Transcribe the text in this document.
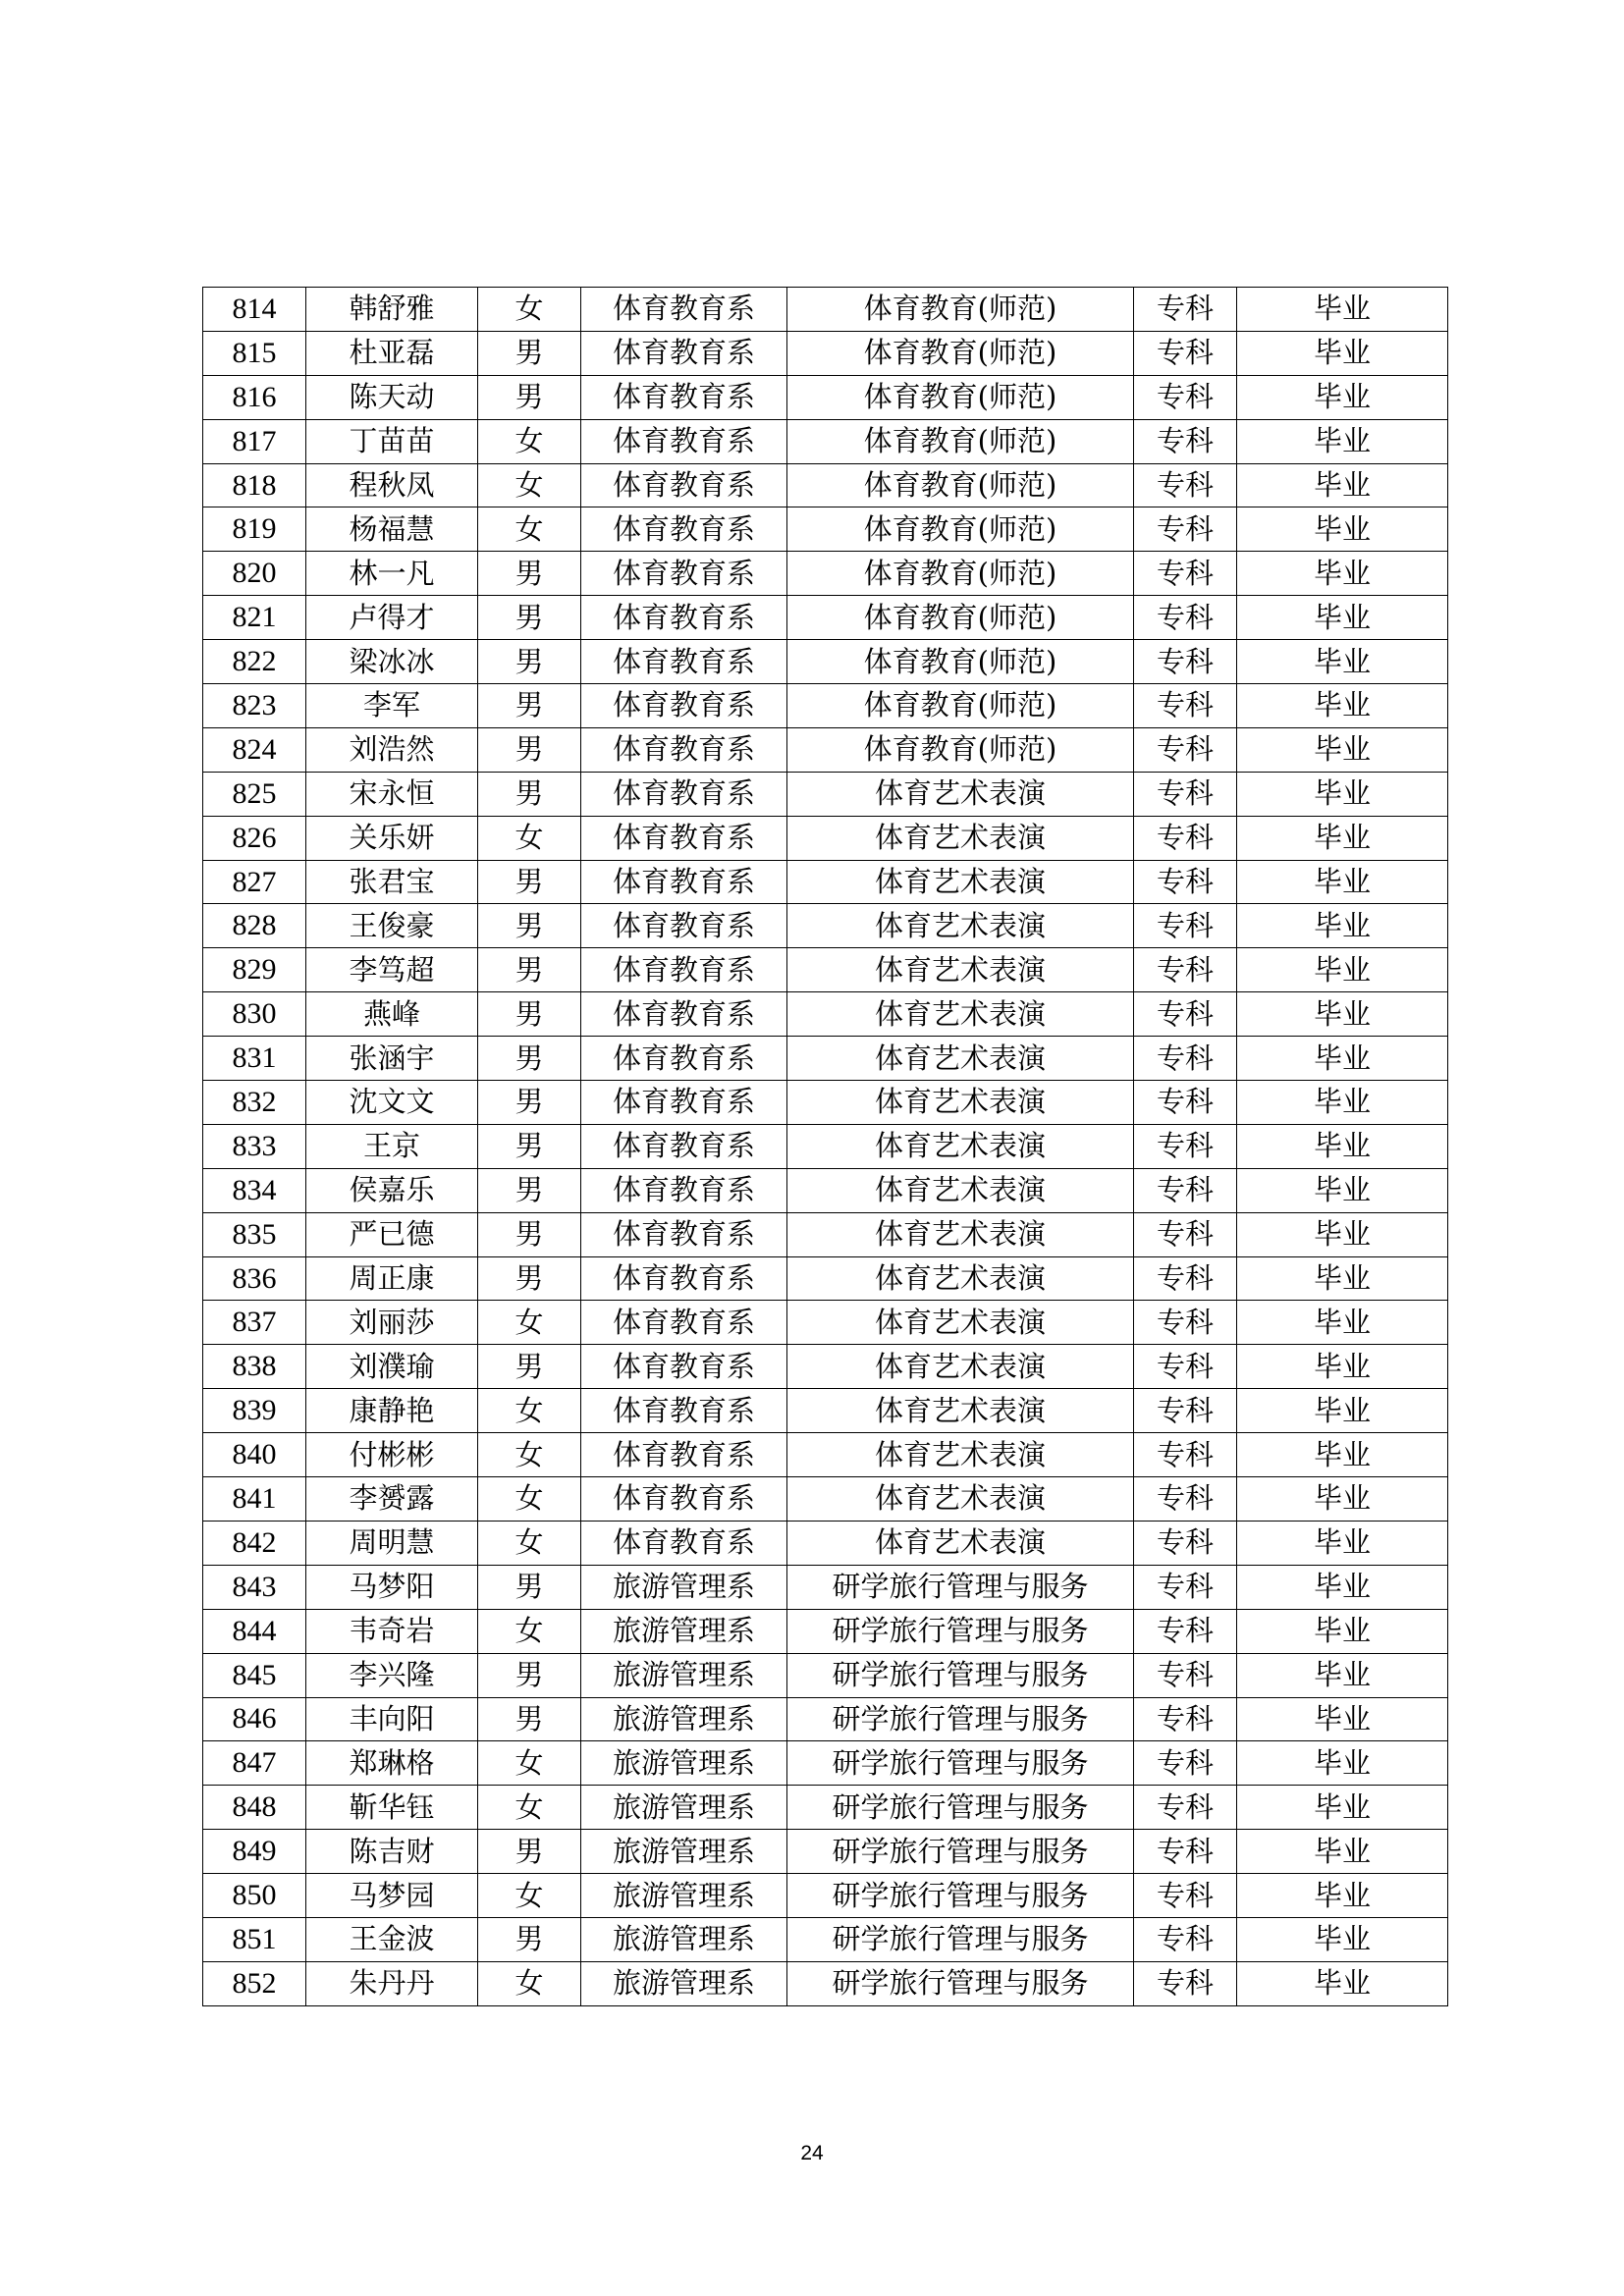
814	韩舒雅	女	体育教育系	体育教育(师范)	专科	毕业
815	杜亚磊	男	体育教育系	体育教育(师范)	专科	毕业
816	陈天动	男	体育教育系	体育教育(师范)	专科	毕业
817	丁苗苗	女	体育教育系	体育教育(师范)	专科	毕业
818	程秋凤	女	体育教育系	体育教育(师范)	专科	毕业
819	杨福慧	女	体育教育系	体育教育(师范)	专科	毕业
820	林一凡	男	体育教育系	体育教育(师范)	专科	毕业
821	卢得才	男	体育教育系	体育教育(师范)	专科	毕业
822	梁冰冰	男	体育教育系	体育教育(师范)	专科	毕业
823	李军	男	体育教育系	体育教育(师范)	专科	毕业
824	刘浩然	男	体育教育系	体育教育(师范)	专科	毕业
825	宋永恒	男	体育教育系	体育艺术表演	专科	毕业
826	关乐妍	女	体育教育系	体育艺术表演	专科	毕业
827	张君宝	男	体育教育系	体育艺术表演	专科	毕业
828	王俊豪	男	体育教育系	体育艺术表演	专科	毕业
829	李笃超	男	体育教育系	体育艺术表演	专科	毕业
830	燕峰	男	体育教育系	体育艺术表演	专科	毕业
831	张涵宇	男	体育教育系	体育艺术表演	专科	毕业
832	沈文文	男	体育教育系	体育艺术表演	专科	毕业
833	王京	男	体育教育系	体育艺术表演	专科	毕业
834	侯嘉乐	男	体育教育系	体育艺术表演	专科	毕业
835	严已德	男	体育教育系	体育艺术表演	专科	毕业
836	周正康	男	体育教育系	体育艺术表演	专科	毕业
837	刘丽莎	女	体育教育系	体育艺术表演	专科	毕业
838	刘濮瑜	男	体育教育系	体育艺术表演	专科	毕业
839	康静艳	女	体育教育系	体育艺术表演	专科	毕业
840	付彬彬	女	体育教育系	体育艺术表演	专科	毕业
841	李赟露	女	体育教育系	体育艺术表演	专科	毕业
842	周明慧	女	体育教育系	体育艺术表演	专科	毕业
843	马梦阳	男	旅游管理系	研学旅行管理与服务	专科	毕业
844	韦奇岩	女	旅游管理系	研学旅行管理与服务	专科	毕业
845	李兴隆	男	旅游管理系	研学旅行管理与服务	专科	毕业
846	丰向阳	男	旅游管理系	研学旅行管理与服务	专科	毕业
847	郑琳格	女	旅游管理系	研学旅行管理与服务	专科	毕业
848	靳华钰	女	旅游管理系	研学旅行管理与服务	专科	毕业
849	陈吉财	男	旅游管理系	研学旅行管理与服务	专科	毕业
850	马梦园	女	旅游管理系	研学旅行管理与服务	专科	毕业
851	王金波	男	旅游管理系	研学旅行管理与服务	专科	毕业
852	朱丹丹	女	旅游管理系	研学旅行管理与服务	专科	毕业
24
